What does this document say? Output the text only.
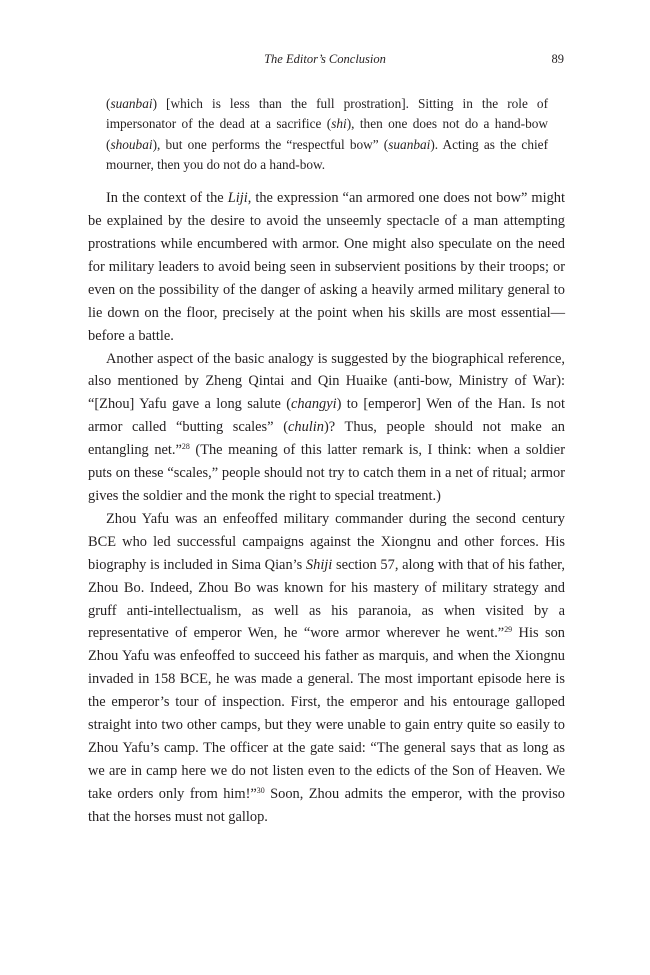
The Editor’s Conclusion	89

(suanbai) [which is less than the full prostration]. Sitting in the role of impersonator of the dead at a sacrifice (shi), then one does not do a hand-bow (shoubai), but one performs the “respectful bow” (suanbai). Acting as the chief mourner, then you do not do a hand-bow.

In the context of the Liji, the expression “an armored one does not bow” might be explained by the desire to avoid the unseemly spectacle of a man attempting prostrations while encumbered with armor. One might also speculate on the need for military leaders to avoid being seen in subservient positions by their troops; or even on the possibility of the danger of asking a heavily armed military general to lie down on the floor, precisely at the point when his skills are most essential—before a battle.

Another aspect of the basic analogy is suggested by the biographical reference, also mentioned by Zheng Qintai and Qin Huaike (anti-bow, Ministry of War): “[Zhou] Yafu gave a long salute (changyi) to [emperor] Wen of the Han. Is not armor called “butting scales” (chulin)? Thus, people should not make an entangling net.”$^{28}$ (The meaning of this latter remark is, I think: when a soldier puts on these “scales,” people should not try to catch them in a net of ritual; armor gives the soldier and the monk the right to special treatment.)

Zhou Yafu was an enfeoffed military commander during the second century BCE who led successful campaigns against the Xiongnu and other forces. His biography is included in Sima Qian’s Shiji section 57, along with that of his father, Zhou Bo. Indeed, Zhou Bo was known for his mastery of military strategy and gruff anti-intellectualism, as well as his paranoia, as when visited by a representative of emperor Wen, he “wore armor wherever he went.”$^{29}$ His son Zhou Yafu was enfeoffed to succeed his father as marquis, and when the Xiongnu invaded in 158 BCE, he was made a general. The most important episode here is the emperor’s tour of inspection. First, the emperor and his entourage galloped straight into two other camps, but they were unable to gain entry quite so easily to Zhou Yafu’s camp. The officer at the gate said: “The general says that as long as we are in camp here we do not listen even to the edicts of the Son of Heaven. We take orders only from him!”$^{30}$ Soon, Zhou admits the emperor, with the proviso that the horses must not gallop.
